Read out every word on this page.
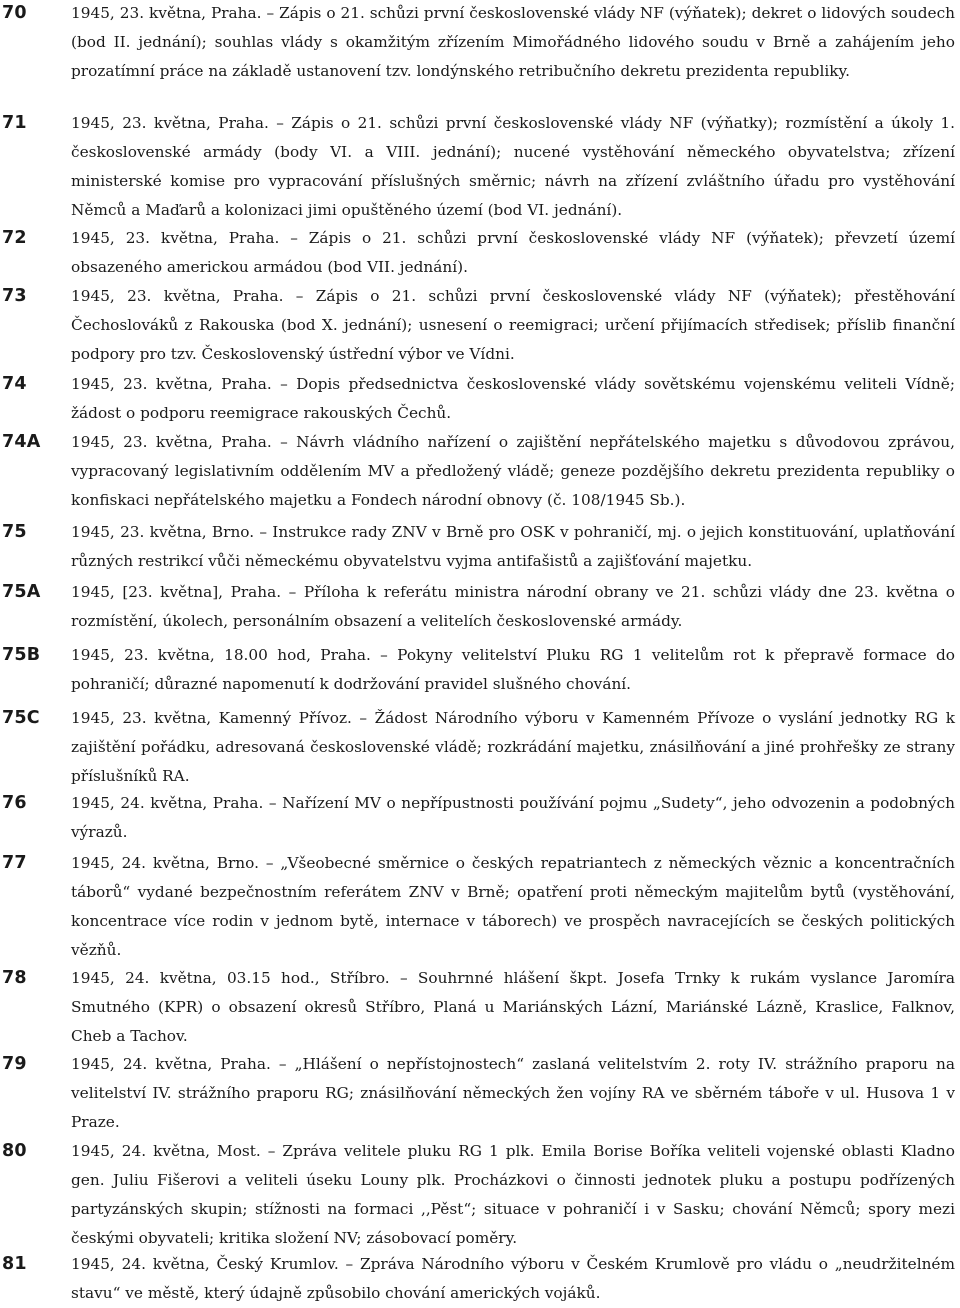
70	1945, 23. května, Praha. – Zápis o 21. schůzi první československé vlády NF (výňatek); dekret o lidových soudech (bod II. jednání); souhlas vlády s okamžitým zřízením Mimořádného lidového soudu v Brně a zahájením jeho prozatímní práce na základě ustanovení tzv. londýnského retribučního dekretu prezidenta republiky.

71	1945, 23. května, Praha. – Zápis o 21. schůzi první československé vlády NF (výňatky); rozmístění a úkoly 1. československé armády (body VI. a VIII. jednání); nucené vystěhování německého obyvatelstva; zřízení ministerské komise pro vypracování příslušných směrnic; návrh na zřízení zvláštního úřadu pro vystěhování Němců a Maďarů a kolonizaci jimi opuštěného území (bod VI. jednání).

72	1945, 23. května, Praha. – Zápis o 21. schůzi první československé vlády NF (výňatek); převzetí území obsazeného americkou armádou (bod VII. jednání).

73	1945, 23. května, Praha. – Zápis o 21. schůzi první československé vlády NF (výňatek); přestěhování Čechoslováků z Rakouska (bod X. jednání); usnesení o reemigraci; určení přijímacích středisek; příslib finanční podpory pro tzv. Československý ústřední výbor ve Vídni.

74	1945, 23. května, Praha. – Dopis předsednictva československé vlády sovětskému vojenskému veliteli Vídně; žádost o podporu reemigrace rakouských Čechů.

74A	1945, 23. května, Praha. – Návrh vládního nařízení o zajištění nepřátelského majetku s důvodovou zprávou, vypracovaný legislativním oddělením MV a předložený vládě; geneze pozdějšího dekretu prezidenta republiky o konfiskaci nepřátelského majetku a Fondech národní obnovy (č. 108/1945 Sb.).

75	1945, 23. května, Brno. – Instrukce rady ZNV v Brně pro OSK v pohraničí, mj. o jejich konstituování, uplatňování různých restrikcí vůči německému obyvatelstvu vyjma antifašistů a zajišťování majetku.

75A	1945, [23. května], Praha. – Příloha k referátu ministra národní obrany ve 21. schůzi vlády dne 23. května o rozmístění, úkolech, personálním obsazení a velitelích československé armády.

75B	1945, 23. května, 18.00 hod, Praha. – Pokyny velitelství Pluku RG 1 velitelům rot k přepravě formace do pohraničí; důrazné napomenutí k dodržování pravidel slušného chování.

75C	1945, 23. května, Kamenný Přívoz. – Žádost Národního výboru v Kamenném Přívoze o vyslání jednotky RG k zajištění pořádku, adresovaná československé vládě; rozkrádání majetku, znásilňování a jiné prohřešky ze strany příslušníků RA.

76	1945, 24. května, Praha. – Nařízení MV o nepřípustnosti používání pojmu „Sudety“, jeho odvozenin a podobných výrazů.

77	1945, 24. května, Brno. – „Všeobecné směrnice o českých repatriantech z německých věznic a koncentračních táborů“ vydané bezpečnostním referátem ZNV v Brně; opatření proti německým majitelům bytů (vystěhování, koncentrace více rodin v jednom bytě, internace v táborech) ve prospěch navracejících se českých politických vězňů.

78	1945, 24. května, 03.15 hod., Stříbro. – Souhrnné hlášení škpt. Josefa Trnky k rukám vyslance Jaromíra Smutného (KPR) o obsazení okresů Stříbro, Planá u Mariánských Lázní, Mariánské Lázně, Kraslice, Falknov, Cheb a Tachov.

79	1945, 24. května, Praha. – „Hlášení o nepřístojnostech“ zaslaná velitelstvím 2. roty IV. strážního praporu na velitelství IV. strážního praporu RG; znásilňování německých žen vojíny RA ve sběrném táboře v ul. Husova 1 v Praze.

80	1945, 24. května, Most. – Zpráva velitele pluku RG 1 plk. Emila Borise Boříka veliteli vojenské oblasti Kladno gen. Juliu Fišerovi a veliteli úseku Louny plk. Procházkovi o činnosti jednotek pluku a postupu podřízených partyzánských skupin; stížnosti na formaci ,,Pěst“; situace v pohraničí i v Sasku; chování Němců; spory mezi českými obyvateli; kritika složení NV; zásobovací poměry.

81	1945, 24. května, Český Krumlov. – Zpráva Národního výboru v Českém Krumlově pro vládu o „neudržitelném stavu“ ve městě, který údajně způsobilo chování amerických vojáků.
